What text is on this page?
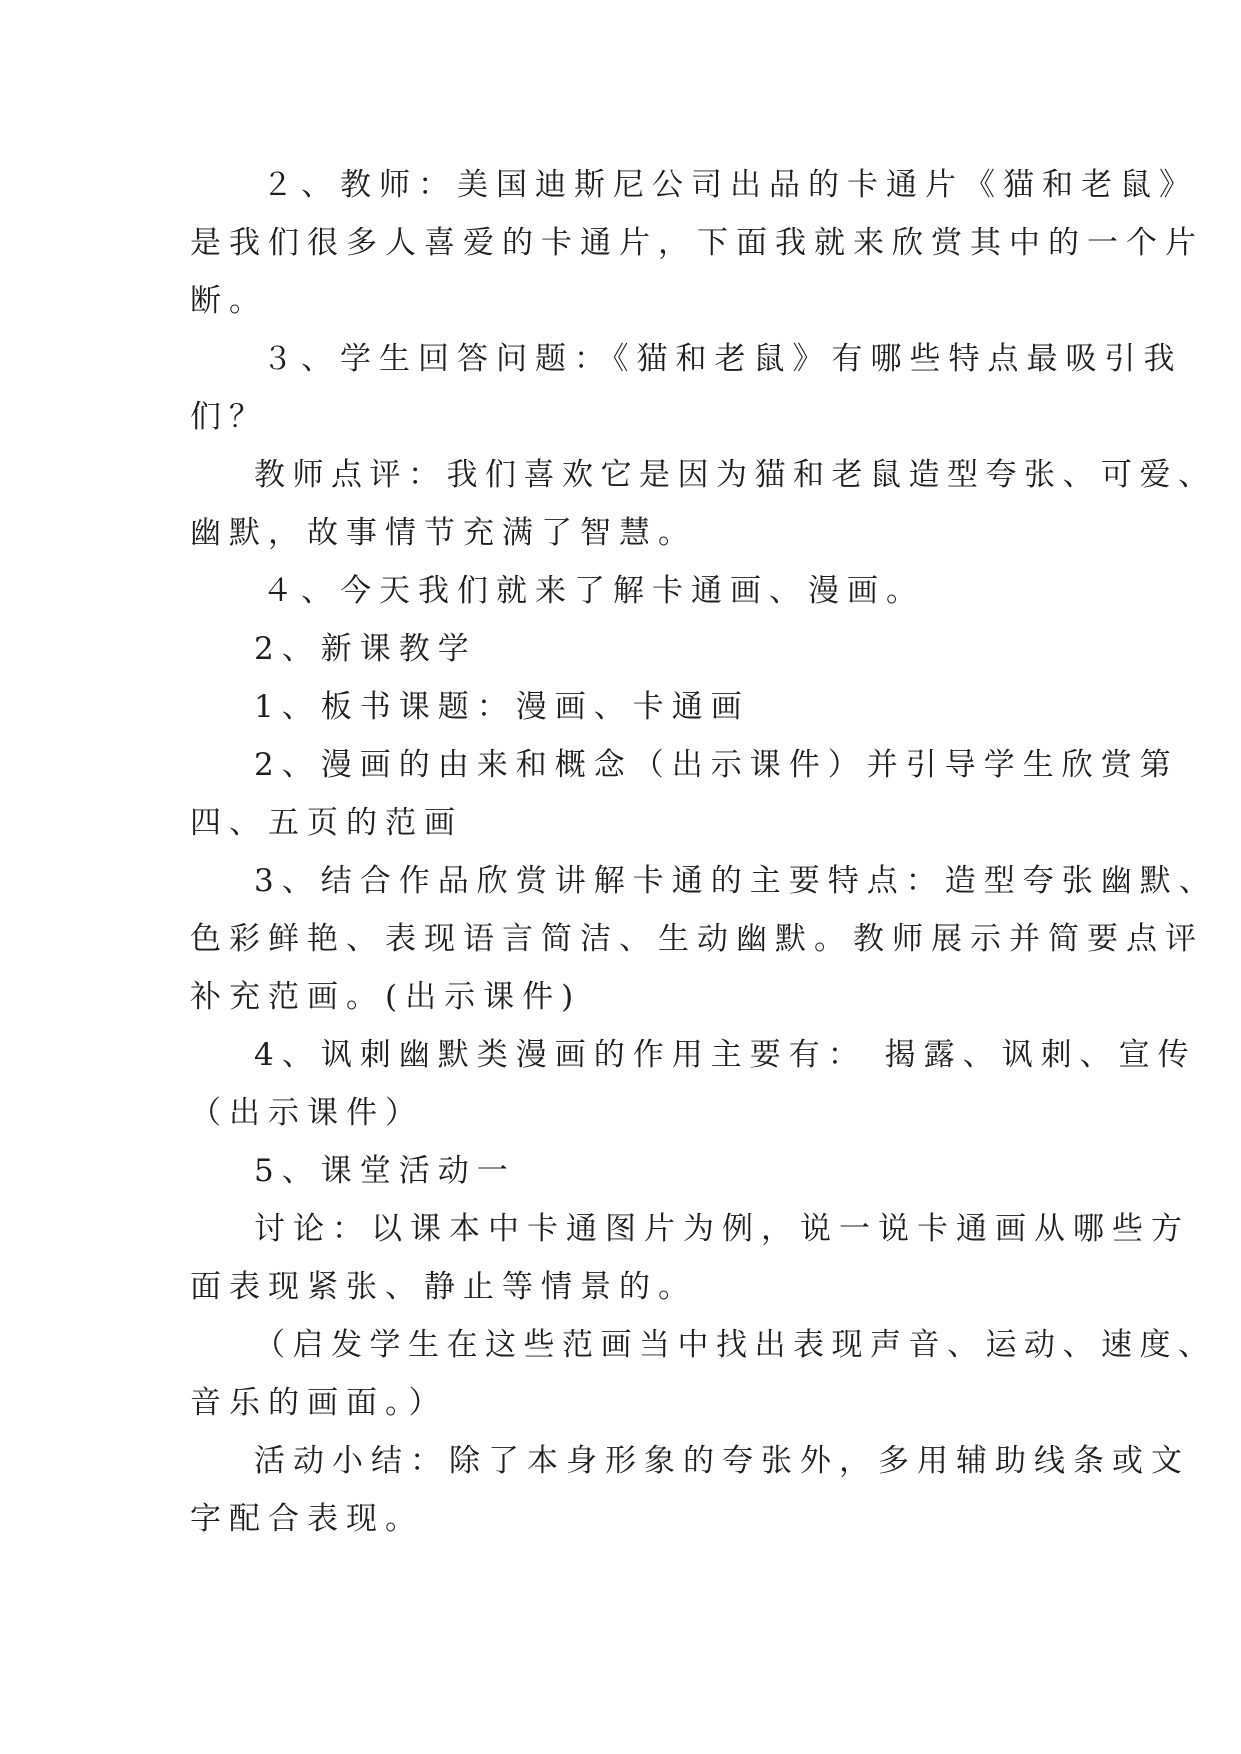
２、教师：美国迪斯尼公司出品的卡通片《猫和老鼠》

是我们很多人喜爱的卡通片，下面我就来欣赏其中的一个片

断。

３、学生回答问题：《猫和老鼠》有哪些特点最吸引我

们？

教师点评：我们喜欢它是因为猫和老鼠造型夸张、可爱、

幽默，故事情节充满了智慧。

４、今天我们就来了解卡通画、漫画。

2、新课教学

1、板书课题：漫画、卡通画

2、漫画的由来和概念（出示课件）并引导学生欣赏第

四、五页的范画

3、结合作品欣赏讲解卡通的主要特点：造型夸张幽默、

色彩鲜艳、表现语言简洁、生动幽默。教师展示并简要点评

补充范画。(出示课件)

4、讽刺幽默类漫画的作用主要有： 揭露、讽刺、宣传

（出示课件）

5、课堂活动一

讨论：以课本中卡通图片为例，说一说卡通画从哪些方

面表现紧张、静止等情景的。

（启发学生在这些范画当中找出表现声音、运动、速度、

音乐的画面。）

活动小结：除了本身形象的夸张外，多用辅助线条或文

字配合表现。
